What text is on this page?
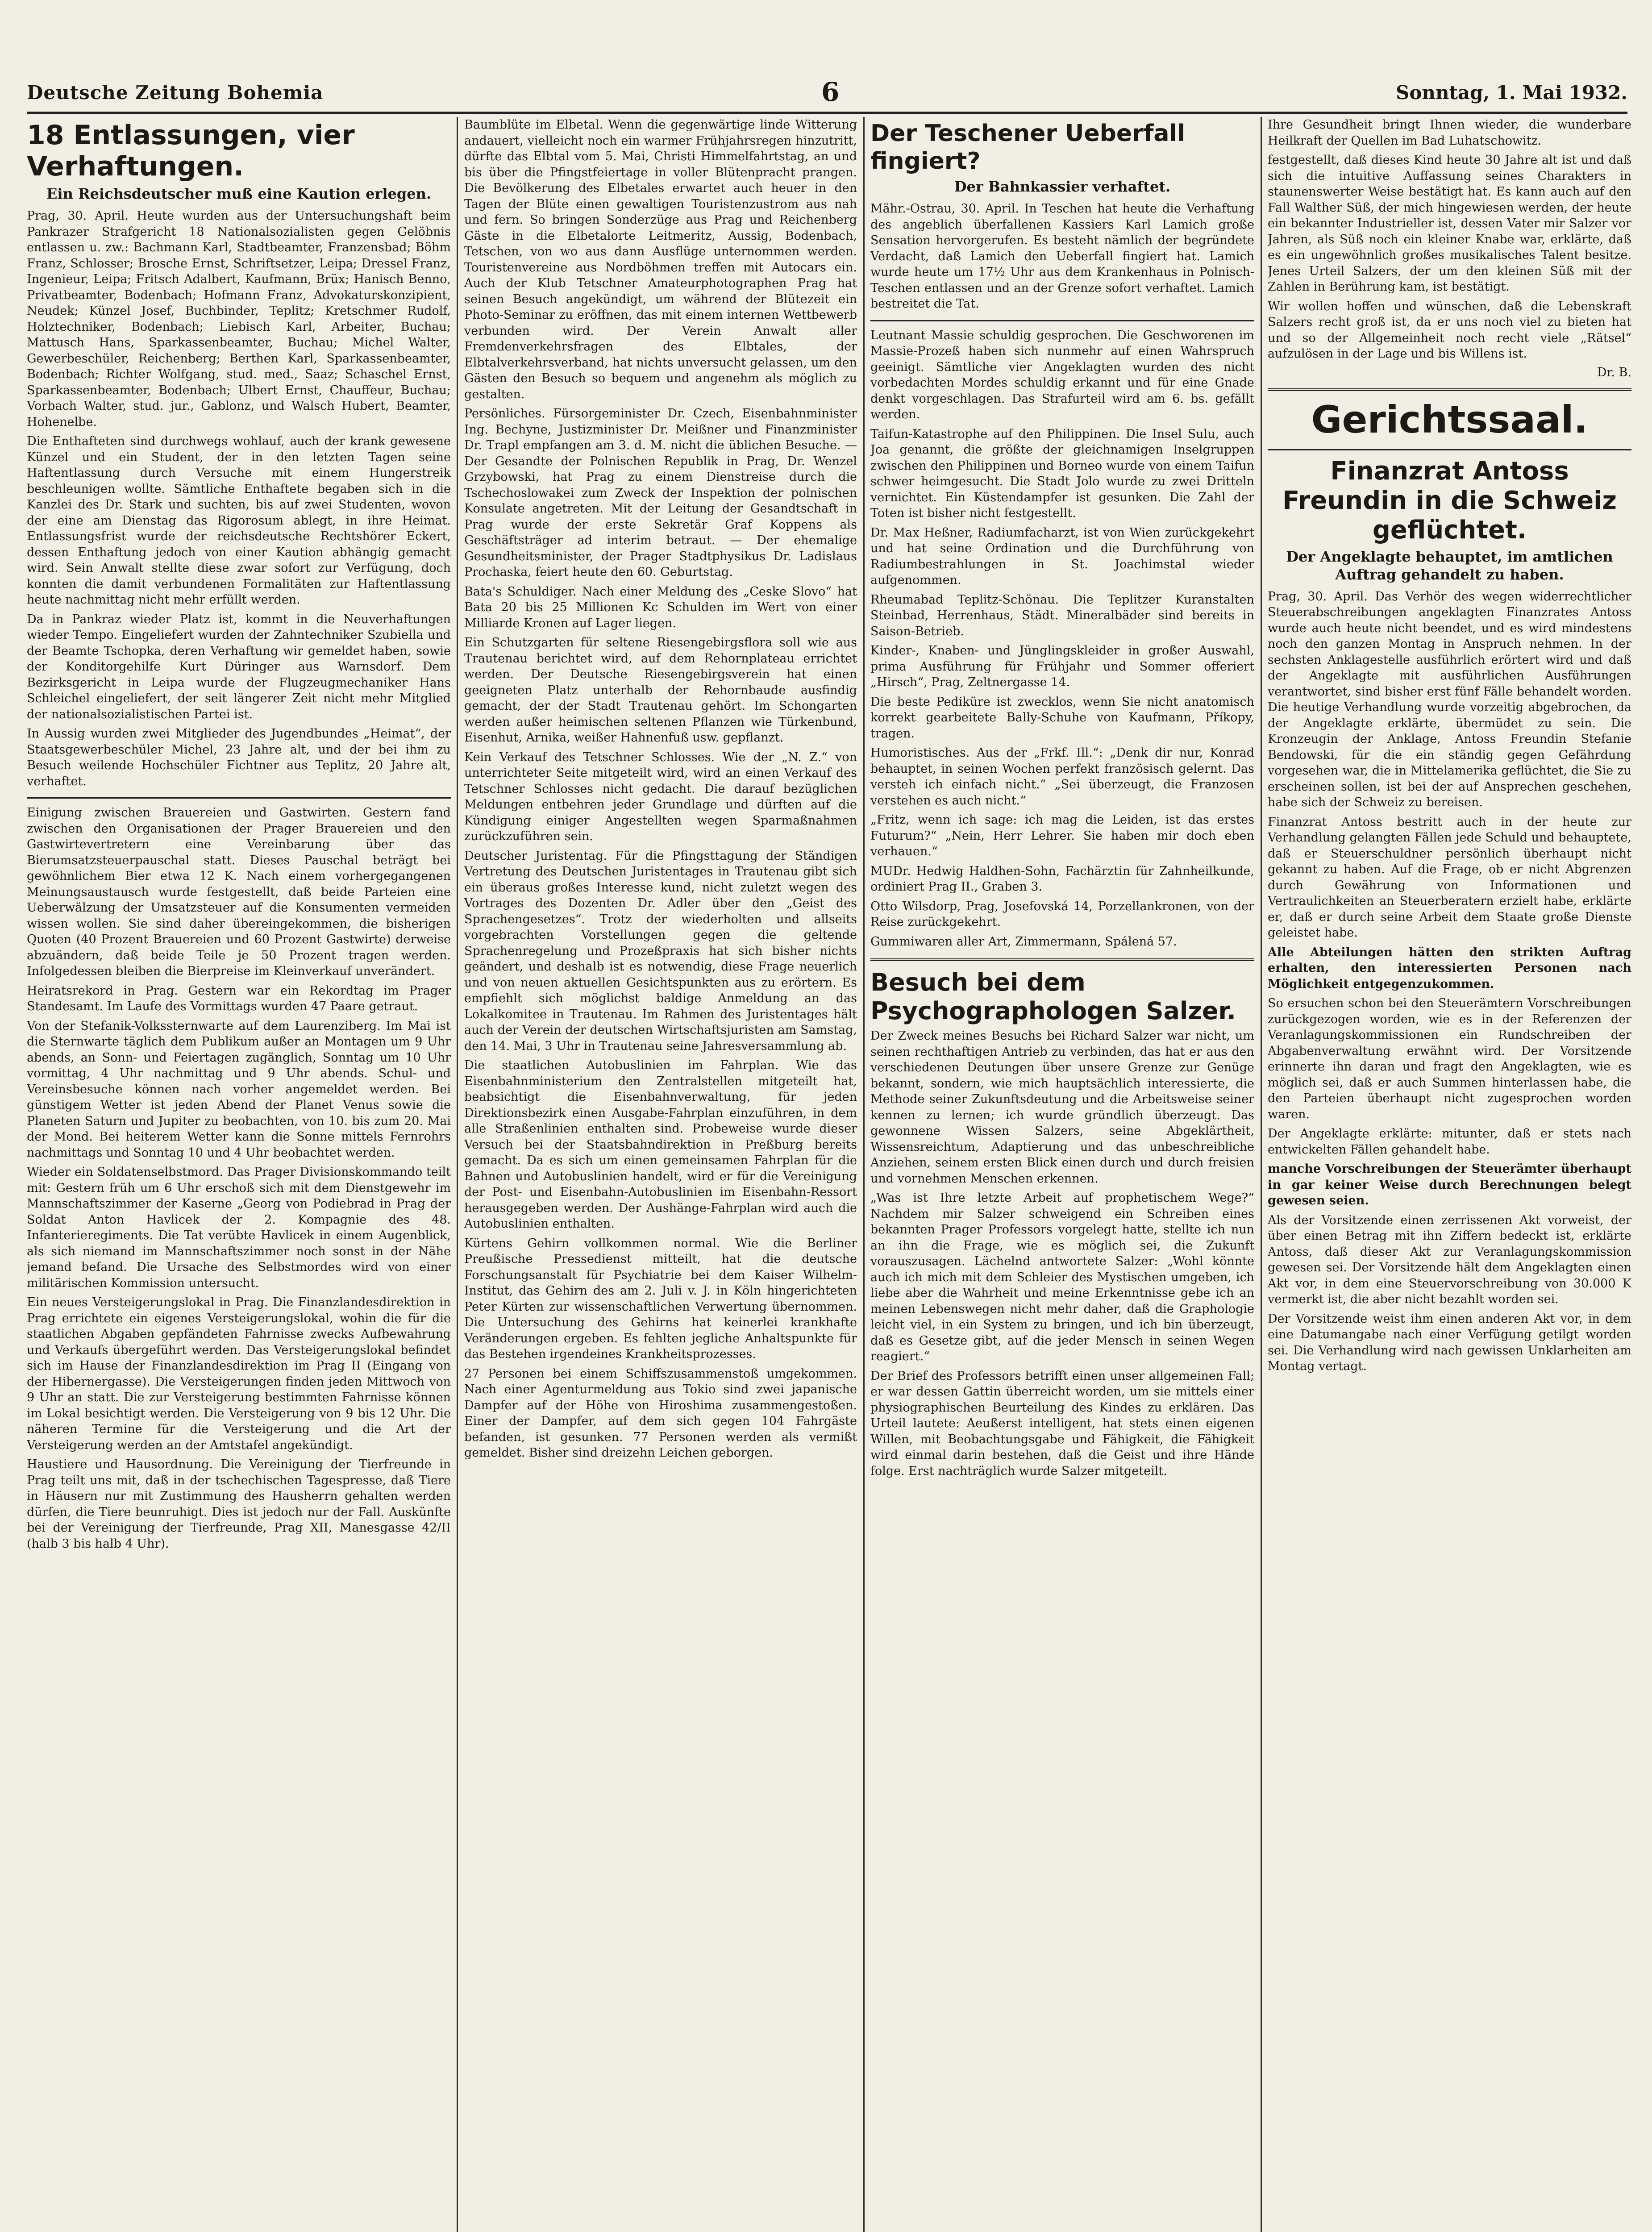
Deutsche Zeitung Bohemia	6	Sonntag, 1. Mai 1932.
18 Entlassungen, vier Verhaftungen.
Ein Reichsdeutscher muß eine Kaution erlegen.

Prag, 30. April. Heute wurden aus der Untersuchungshaft beim Pankrazer Strafgericht 18 Nationalsozialisten gegen Gelöbnis entlassen u. zw.: Bachmann Karl, Stadtbeamter, Franzensbad; Böhm Franz, Schlosser; Brosche Ernst, Schriftsetzer, Leipa; Dressel Franz, Ingenieur, Leipa; Fritsch Adalbert, Kaufmann, Brüx; Hanisch Benno, Privatbeamter, Bodenbach; Hofmann Franz, Advokaturskonzipient, Neudek; Künzel Josef, Buchbinder, Teplitz; Kretschmer Rudolf, Holztechniker, Bodenbach; Liebisch Karl, Arbeiter, Buchau; Mattusch Hans, Sparkassenbeamter, Buchau; Michel Walter, Gewerbeschüler, Reichenberg; Berthen Karl, Sparkassenbeamter, Bodenbach; Richter Wolfgang, stud. med., Saaz; Schaschel Ernst, Sparkassenbeamter, Bodenbach; Ulbert Ernst, Chauffeur, Buchau; Vorbach Walter, stud. jur., Gablonz, und Walsch Hubert, Beamter, Hohenelbe.

Die Enthafteten sind durchwegs wohlauf, auch der krank gewesene Künzel und ein Student, der in den letzten Tagen seine Haftentlassung durch Versuche mit einem Hungerstreik beschleunigen wollte. Sämtliche Enthaftete begaben sich in die Kanzlei des Dr. Stark und suchten, bis auf zwei Studenten, wovon der eine am Dienstag das Rigorosum ablegt, in ihre Heimat. Entlassungsfrist wurde der reichsdeutsche Rechtshörer Eckert, dessen Enthaftung jedoch von einer Kaution abhängig gemacht wird. Sein Anwalt stellte diese zwar sofort zur Verfügung, doch konnten die damit verbundenen Formalitäten zur Haftentlassung heute nachmittag nicht mehr erfüllt werden.

Da in Pankraz wieder Platz ist, kommt in die Neuverhaftungen wieder Tempo. Eingeliefert wurden der Zahntechniker Szubiella und der Beamte Tschopka, deren Verhaftung wir gemeldet haben, sowie der Konditorgehilfe Kurt Düringer aus Warnsdorf. Dem Bezirksgericht in Leipa wurde der Flugzeugmechaniker Hans Schleichel eingeliefert, der seit längerer Zeit nicht mehr Mitglied der nationalsozialistischen Partei ist.

In Aussig wurden zwei Mitglieder des Jugendbundes „Heimat“, der Staatsgewerbeschüler Michel, 23 Jahre alt, und der bei ihm zu Besuch weilende Hochschüler Fichtner aus Teplitz, 20 Jahre alt, verhaftet.

Einigung zwischen Brauereien und Gastwirten. Gestern fand zwischen den Organisationen der Prager Brauereien und den Gastwirtevertretern eine Vereinbarung über das Bierumsatzsteuerpauschal statt. Dieses Pauschal beträgt bei gewöhnlichem Bier etwa 12 K. Nach einem vorhergegangenen Meinungsaustausch wurde festgestellt, daß beide Parteien eine Ueberwälzung der Umsatzsteuer auf die Konsumenten vermeiden wissen wollen. Sie sind daher übereingekommen, die bisherigen Quoten (40 Prozent Brauereien und 60 Prozent Gastwirte) derweise abzuändern, daß beide Teile je 50 Prozent tragen werden. Infolgedessen bleiben die Bierpreise im Kleinverkauf unverändert.

Heiratsrekord in Prag. Gestern war ein Rekordtag im Prager Standesamt. Im Laufe des Vormittags wurden 47 Paare getraut.

Von der Stefanik-Volkssternwarte auf dem Laurenziberg. Im Mai ist die Sternwarte täglich dem Publikum außer an Montagen um 9 Uhr abends, an Sonn- und Feiertagen zugänglich, Sonntag um 10 Uhr vormittag, 4 Uhr nachmittag und 9 Uhr abends. Schul- und Vereinsbesuche können nach vorher angemeldet werden. Bei günstigem Wetter ist jeden Abend der Planet Venus sowie die Planeten Saturn und Jupiter zu beobachten, von 10. bis zum 20. Mai der Mond. Bei heiterem Wetter kann die Sonne mittels Fernrohrs nachmittags und Sonntag 10 und 4 Uhr beobachtet werden.

Wieder ein Soldatenselbstmord. Das Prager Divisionskommando teilt mit: Gestern früh um 6 Uhr erschoß sich mit dem Dienstgewehr im Mannschaftszimmer der Kaserne „Georg von Podiebrad in Prag der Soldat Anton Havlicek der 2. Kompagnie des 48. Infanterieregiments. Die Tat verübte Havlicek in einem Augenblick, als sich niemand im Mannschaftszimmer noch sonst in der Nähe jemand befand. Die Ursache des Selbstmordes wird von einer militärischen Kommission untersucht.

Ein neues Versteigerungslokal in Prag. Die Finanzlandesdirektion in Prag errichtete ein eigenes Versteigerungslokal, wohin die für die staatlichen Abgaben gepfändeten Fahrnisse zwecks Aufbewahrung und Verkaufs übergeführt werden. Das Versteigerungslokal befindet sich im Hause der Finanzlandesdirektion im Prag II (Eingang von der Hibernergasse). Die Versteigerungen finden jeden Mittwoch von 9 Uhr an statt. Die zur Versteigerung bestimmten Fahrnisse können im Lokal besichtigt werden. Die Versteigerung von 9 bis 12 Uhr. Die näheren Termine für die Versteigerung und die Art der Versteigerung werden an der Amtstafel angekündigt.

Haustiere und Hausordnung. Die Vereinigung der Tierfreunde in Prag teilt uns mit, daß in der tschechischen Tagespresse, daß Tiere in Häusern nur mit Zustimmung des Hausherrn gehalten werden dürfen, die Tiere beunruhigt. Dies ist jedoch nur der Fall. Auskünfte bei der Vereinigung der Tierfreunde, Prag XII, Manesgasse 42/II (halb 3 bis halb 4 Uhr).

Baumblüte im Elbetal. Wenn die gegenwärtige linde Witterung andauert, vielleicht noch ein warmer Frühjahrsregen hinzutritt, dürfte das Elbtal vom 5. Mai, Christi Himmelfahrtstag, an und bis über die Pfingstfeiertage in voller Blütenpracht prangen. Die Bevölkerung des Elbetales erwartet auch heuer in den Tagen der Blüte einen gewaltigen Touristenzustrom aus nah und fern. So bringen Sonderzüge aus Prag und Reichenberg Gäste in die Elbetalorte Leitmeritz, Aussig, Bodenbach, Tetschen, von wo aus dann Ausflüge unternommen werden. Touristenvereine aus Nordböhmen treffen mit Autocars ein. Auch der Klub Tetschner Amateurphotographen Prag hat seinen Besuch angekündigt, um während der Blütezeit ein Photo-Seminar zu eröffnen, das mit einem internen Wettbewerb verbunden wird. Der Verein Anwalt aller Fremdenverkehrsfragen des Elbtales, der Elbtalverkehrsverband, hat nichts unversucht gelassen, um den Gästen den Besuch so bequem und angenehm als möglich zu gestalten.

Persönliches. Fürsorgeminister Dr. Czech, Eisenbahnminister Ing. Bechyne, Justizminister Dr. Meißner und Finanzminister Dr. Trapl empfangen am 3. d. M. nicht die üblichen Besuche. — Der Gesandte der Polnischen Republik in Prag, Dr. Wenzel Grzybowski, hat Prag zu einem Dienstreise durch die Tschechoslowakei zum Zweck der Inspektion der polnischen Konsulate angetreten. Mit der Leitung der Gesandtschaft in Prag wurde der erste Sekretär Graf Koppens als Geschäftsträger ad interim betraut. — Der ehemalige Gesundheitsminister, der Prager Stadtphysikus Dr. Ladislaus Prochaska, feiert heute den 60. Geburtstag.

Bata's Schuldiger. Nach einer Meldung des „Ceske Slovo“ hat Bata 20 bis 25 Millionen Kc Schulden im Wert von einer Milliarde Kronen auf Lager liegen.

Ein Schutzgarten für seltene Riesengebirgsflora soll wie aus Trautenau berichtet wird, auf dem Rehornplateau errichtet werden. Der Deutsche Riesengebirgsverein hat einen geeigneten Platz unterhalb der Rehornbaude ausfindig gemacht, der der Stadt Trautenau gehört. Im Schongarten werden außer heimischen seltenen Pflanzen wie Türkenbund, Eisenhut, Arnika, weißer Hahnenfuß usw. gepflanzt.

Kein Verkauf des Tetschner Schlosses. Wie der „N. Z.“ von unterrichteter Seite mitgeteilt wird, wird an einen Verkauf des Tetschner Schlosses nicht gedacht. Die darauf bezüglichen Meldungen entbehren jeder Grundlage und dürften auf die Kündigung einiger Angestellten wegen Sparmaßnahmen zurückzuführen sein.

Deutscher Juristentag. Für die Pfingsttagung der Ständigen Vertretung des Deutschen Juristentages in Trautenau gibt sich ein überaus großes Interesse kund, nicht zuletzt wegen des Vortrages des Dozenten Dr. Adler über den „Geist des Sprachengesetzes“. Trotz der wiederholten und allseits vorgebrachten Vorstellungen gegen die geltende Sprachenregelung und Prozeßpraxis hat sich bisher nichts geändert, und deshalb ist es notwendig, diese Frage neuerlich und von neuen aktuellen Gesichtspunkten aus zu erörtern. Es empfiehlt sich möglichst baldige Anmeldung an das Lokalkomitee in Trautenau. Im Rahmen des Juristentages hält auch der Verein der deutschen Wirtschaftsjuristen am Samstag, den 14. Mai, 3 Uhr in Trautenau seine Jahresversammlung ab.

Die staatlichen Autobuslinien im Fahrplan. Wie das Eisenbahnministerium den Zentralstellen mitgeteilt hat, beabsichtigt die Eisenbahnverwaltung, für jeden Direktionsbezirk einen Ausgabe-Fahrplan einzuführen, in dem alle Straßenlinien enthalten sind. Probeweise wurde dieser Versuch bei der Staatsbahndirektion in Preßburg bereits gemacht. Da es sich um einen gemeinsamen Fahrplan für die Bahnen und Autobuslinien handelt, wird er für die Vereinigung der Post- und Eisenbahn-Autobuslinien im Eisenbahn-Ressort herausgegeben werden. Der Aushänge-Fahrplan wird auch die Autobuslinien enthalten.

Kürtens Gehirn vollkommen normal. Wie die Berliner Preußische Pressedienst mitteilt, hat die deutsche Forschungsanstalt für Psychiatrie bei dem Kaiser Wilhelm-Institut, das Gehirn des am 2. Juli v. J. in Köln hingerichteten Peter Kürten zur wissenschaftlichen Verwertung übernommen. Die Untersuchung des Gehirns hat keinerlei krankhafte Veränderungen ergeben. Es fehlten jegliche Anhaltspunkte für das Bestehen irgendeines Krankheitsprozesses.

27 Personen bei einem Schiffszusammenstoß umgekommen. Nach einer Agenturmeldung aus Tokio sind zwei japanische Dampfer auf der Höhe von Hiroshima zusammengestoßen. Einer der Dampfer, auf dem sich gegen 104 Fahrgäste befanden, ist gesunken. 77 Personen werden als vermißt gemeldet. Bisher sind dreizehn Leichen geborgen.

Der Teschener Ueberfall fingiert?
Der Bahnkassier verhaftet.

Mähr.-Ostrau, 30. April. In Teschen hat heute die Verhaftung des angeblich überfallenen Kassiers Karl Lamich große Sensation hervorgerufen. Es besteht nämlich der begründete Verdacht, daß Lamich den Ueberfall fingiert hat. Lamich wurde heute um 17½ Uhr aus dem Krankenhaus in Polnisch-Teschen entlassen und an der Grenze sofort verhaftet. Lamich bestreitet die Tat.

Leutnant Massie schuldig gesprochen. Die Geschworenen im Massie-Prozeß haben sich nunmehr auf einen Wahrspruch geeinigt. Sämtliche vier Angeklagten wurden des nicht vorbedachten Mordes schuldig erkannt und für eine Gnade denkt vorgeschlagen. Das Strafurteil wird am 6. bs. gefällt werden.

Taifun-Katastrophe auf den Philippinen. Die Insel Sulu, auch Joa genannt, die größte der gleichnamigen Inselgruppen zwischen den Philippinen und Borneo wurde von einem Taifun schwer heimgesucht. Die Stadt Jolo wurde zu zwei Dritteln vernichtet. Ein Küstendampfer ist gesunken. Die Zahl der Toten ist bisher nicht festgestellt.

Dr. Max Heßner, Radiumfacharzt, ist von Wien zurückgekehrt und hat seine Ordination und die Durchführung von Radiumbestrahlungen in St. Joachimstal wieder aufgenommen.

Rheumabad Teplitz-Schönau. Die Teplitzer Kuranstalten Steinbad, Herrenhaus, Städt. Mineralbäder sind bereits in Saison-Betrieb.

Kinder-, Knaben- und Jünglingskleider in großer Auswahl, prima Ausführung für Frühjahr und Sommer offeriert „Hirsch“, Prag, Zeltnergasse 14.

Die beste Pediküre ist zwecklos, wenn Sie nicht anatomisch korrekt gearbeitete Bally-Schuhe von Kaufmann, Příkopy, tragen.

Humoristisches. Aus der „Frkf. Ill.“: „Denk dir nur, Konrad behauptet, in seinen Wochen perfekt französisch gelernt. Das versteh ich einfach nicht.“ „Sei überzeugt, die Franzosen verstehen es auch nicht.“

„Fritz, wenn ich sage: ich mag die Leiden, ist das erstes Futurum?“ „Nein, Herr Lehrer. Sie haben mir doch eben verhauen.“

MUDr. Hedwig Haldhen-Sohn, Fachärztin für Zahnheilkunde, ordiniert Prag II., Graben 3.

Otto Wilsdorp, Prag, Josefovská 14, Porzellankronen, von der Reise zurückgekehrt.

Gummiwaren aller Art, Zimmermann, Spálená 57.

Besuch bei dem Psychographologen Salzer.

Der Zweck meines Besuchs bei Richard Salzer war nicht, um seinen rechthaftigen Antrieb zu verbinden, das hat er aus den verschiedenen Deutungen über unsere Grenze zur Genüge bekannt, sondern, wie mich hauptsächlich interessierte, die Methode seiner Zukunftsdeutung und die Arbeitsweise seiner kennen zu lernen; ich wurde gründlich überzeugt. Das gewonnene Wissen Salzers, seine Abgeklärtheit, Wissensreichtum, Adaptierung und das unbeschreibliche Anziehen, seinem ersten Blick einen durch und durch freisien und vornehmen Menschen erkennen.

„Was ist Ihre letzte Arbeit auf prophetischem Wege?“ Nachdem mir Salzer schweigend ein Schreiben eines bekannten Prager Professors vorgelegt hatte, stellte ich nun an ihn die Frage, wie es möglich sei, die Zukunft vorauszusagen. Lächelnd antwortete Salzer: „Wohl könnte auch ich mich mit dem Schleier des Mystischen umgeben, ich liebe aber die Wahrheit und meine Erkenntnisse gebe ich an meinen Lebenswegen nicht mehr daher, daß die Graphologie leicht viel, in ein System zu bringen, und ich bin überzeugt, daß es Gesetze gibt, auf die jeder Mensch in seinen Wegen reagiert.“

Der Brief des Professors betrifft einen unser allgemeinen Fall; er war dessen Gattin überreicht worden, um sie mittels einer physiographischen Beurteilung des Kindes zu erklären. Das Urteil lautete: Aeußerst intelligent, hat stets einen eigenen Willen, mit Beobachtungsgabe und Fähigkeit, die Fähigkeit wird einmal darin bestehen, daß die Geist und ihre Hände folge. Erst nachträglich wurde Salzer mitgeteilt.

Ihre Gesundheit bringt Ihnen wieder, die wunderbare Heilkraft der Quellen im Bad Luhatschowitz.

festgestellt, daß dieses Kind heute 30 Jahre alt ist und daß sich die intuitive Auffassung seines Charakters in staunenswerter Weise bestätigt hat. Es kann auch auf den Fall Walther Süß, der mich hingewiesen werden, der heute ein bekannter Industrieller ist, dessen Vater mir Salzer vor Jahren, als Süß noch ein kleiner Knabe war, erklärte, daß es ein ungewöhnlich großes musikalisches Talent besitze. Jenes Urteil Salzers, der um den kleinen Süß mit der Zahlen in Berührung kam, ist bestätigt.

Wir wollen hoffen und wünschen, daß die Lebenskraft Salzers recht groß ist, da er uns noch viel zu bieten hat und so der Allgemeinheit noch recht viele „Rätsel“ aufzulösen in der Lage und bis Willens ist.

Dr. B.
Gerichtssaal.
Finanzrat Antoss Freundin in die Schweiz geflüchtet.
Der Angeklagte behauptet, im amtlichen Auftrag gehandelt zu haben.

Prag, 30. April. Das Verhör des wegen widerrechtlicher Steuerabschreibungen angeklagten Finanzrates Antoss wurde auch heute nicht beendet, und es wird mindestens noch den ganzen Montag in Anspruch nehmen. In der sechsten Anklagestelle ausführlich erörtert wird und daß der Angeklagte mit ausführlichen Ausführungen verantwortet, sind bisher erst fünf Fälle behandelt worden. Die heutige Verhandlung wurde vorzeitig abgebrochen, da der Angeklagte erklärte, übermüdet zu sein. Die Kronzeugin der Anklage, Antoss Freundin Stefanie Bendowski, für die ein ständig gegen Gefährdung vorgesehen war, die in Mittelamerika geflüchtet, die Sie zu erscheinen sollen, ist bei der auf Ansprechen geschehen, habe sich der Schweiz zu bereisen.

Finanzrat Antoss bestritt auch in der heute zur Verhandlung gelangten Fällen jede Schuld und behauptete, daß er Steuerschuldner persönlich überhaupt nicht gekannt zu haben. Auf die Frage, ob er nicht Abgrenzen durch Gewährung von Informationen und Vertraulichkeiten an Steuerberatern erzielt habe, erklärte er, daß er durch seine Arbeit dem Staate große Dienste geleistet habe.

Alle Abteilungen hätten den strikten Auftrag erhalten, den interessierten Personen nach Möglichkeit entgegenzukommen.

So ersuchen schon bei den Steuerämtern Vorschreibungen zurückgezogen worden, wie es in der Referenzen der Veranlagungskommissionen ein Rundschreiben der Abgabenverwaltung erwähnt wird. Der Vorsitzende erinnerte ihn daran und fragt den Angeklagten, wie es möglich sei, daß er auch Summen hinterlassen habe, die den Parteien überhaupt nicht zugesprochen worden waren.

Der Angeklagte erklärte: mitunter, daß er stets nach entwickelten Fällen gehandelt habe.

manche Vorschreibungen der Steuerämter überhaupt in gar keiner Weise durch Berechnungen belegt gewesen seien.

Als der Vorsitzende einen zerrissenen Akt vorweist, der über einen Betrag mit ihn Ziffern bedeckt ist, erklärte Antoss, daß dieser Akt zur Veranlagungskommission gewesen sei. Der Vorsitzende hält dem Angeklagten einen Akt vor, in dem eine Steuervorschreibung von 30.000 K vermerkt ist, die aber nicht bezahlt worden sei.

Der Vorsitzende weist ihm einen anderen Akt vor, in dem eine Datumangabe nach einer Verfügung getilgt worden sei. Die Verhandlung wird nach gewissen Unklarheiten am Montag vertagt.
